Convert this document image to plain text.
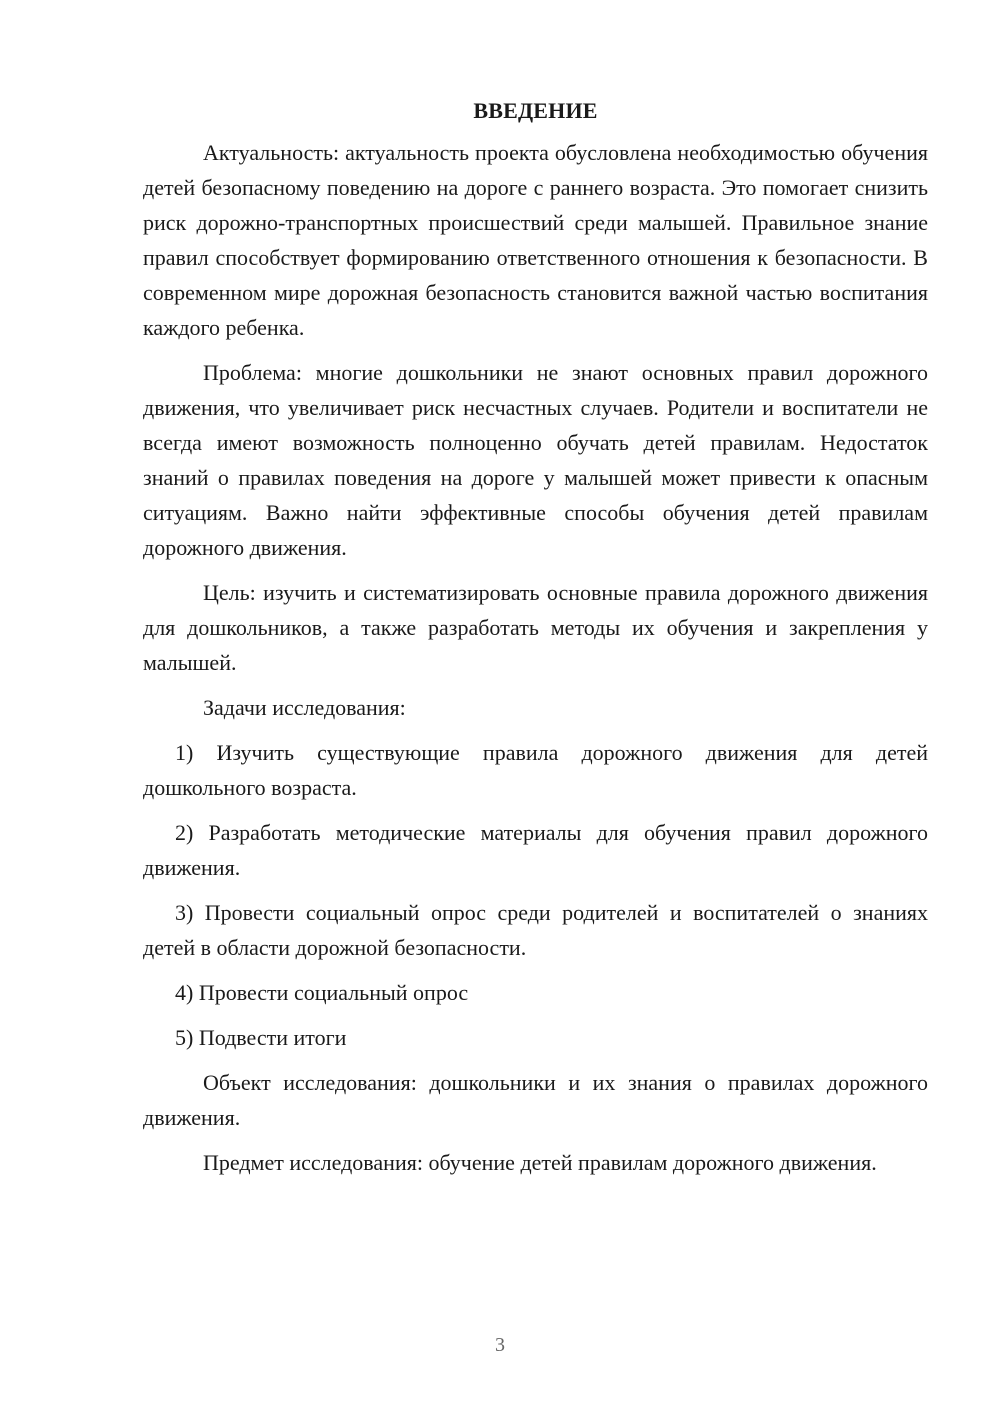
ВВЕДЕНИЕ

Актуальность: актуальность проекта обусловлена необходимостью обучения детей безопасному поведению на дороге с раннего возраста. Это помогает снизить риск дорожно-транспортных происшествий среди малышей. Правильное знание правил способствует формированию ответственного отношения к безопасности. В современном мире дорожная безопасность становится важной частью воспитания каждого ребенка.

Проблема: многие дошкольники не знают основных правил дорожного движения, что увеличивает риск несчастных случаев. Родители и воспитатели не всегда имеют возможность полноценно обучать детей правилам. Недостаток знаний о правилах поведения на дороге у малышей может привести к опасным ситуациям. Важно найти эффективные способы обучения детей правилам дорожного движения.

Цель: изучить и систематизировать основные правила дорожного движения для дошкольников, а также разработать методы их обучения и закрепления у малышей.

Задачи исследования:

1) Изучить существующие правила дорожного движения для детей дошкольного возраста.

2) Разработать методические материалы для обучения правил дорожного движения.

3) Провести социальный опрос среди родителей и воспитателей о знаниях детей в области дорожной безопасности.

4) Провести социальный опрос

5) Подвести итоги

Объект исследования: дошкольники и их знания о правилах дорожного движения.

Предмет исследования: обучение детей правилам дорожного движения.

3
